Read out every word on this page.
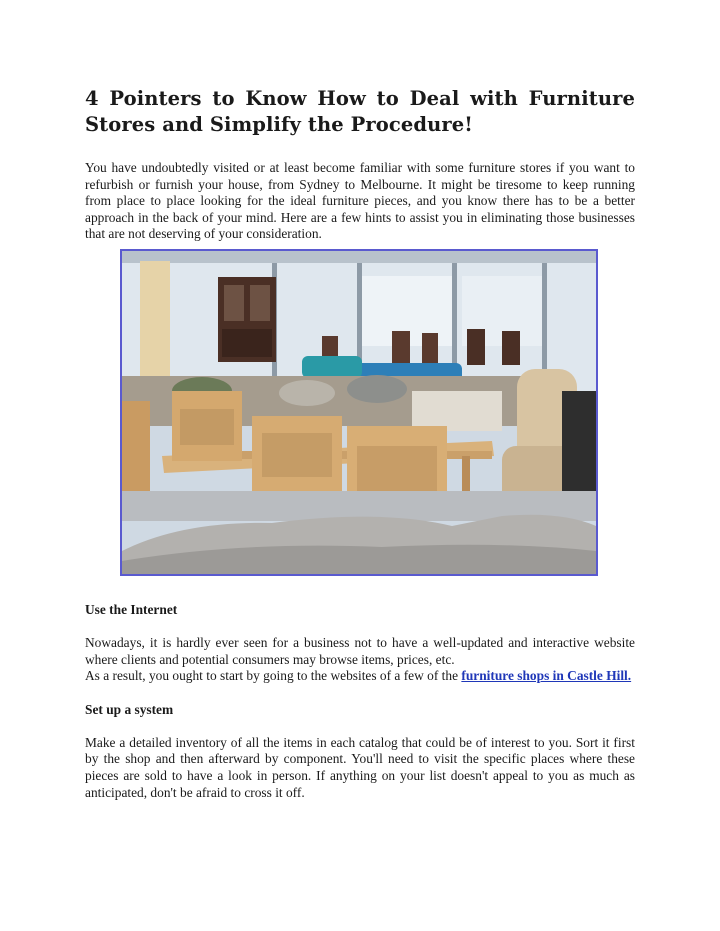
4 Pointers to Know How to Deal with Furniture Stores and Simplify the Procedure!

You have undoubtedly visited or at least become familiar with some furniture stores if you want to refurbish or furnish your house, from Sydney to Melbourne. It might be tiresome to keep running from place to place looking for the ideal furniture pieces, and you know there has to be a better approach in the back of your mind. Here are a few hints to assist you in eliminating those businesses that are not deserving of your consideration.

Use the Internet

Nowadays, it is hardly ever seen for a business not to have a well-updated and interactive website where clients and potential consumers may browse items, prices, etc.

As a result, you ought to start by going to the websites of a few of the furniture shops in Castle Hill.

Set up a system

Make a detailed inventory of all the items in each catalog that could be of interest to you. Sort it first by the shop and then afterward by component. You'll need to visit the specific places where these pieces are sold to have a look in person. If anything on your list doesn't appeal to you as much as anticipated, don't be afraid to cross it off.
